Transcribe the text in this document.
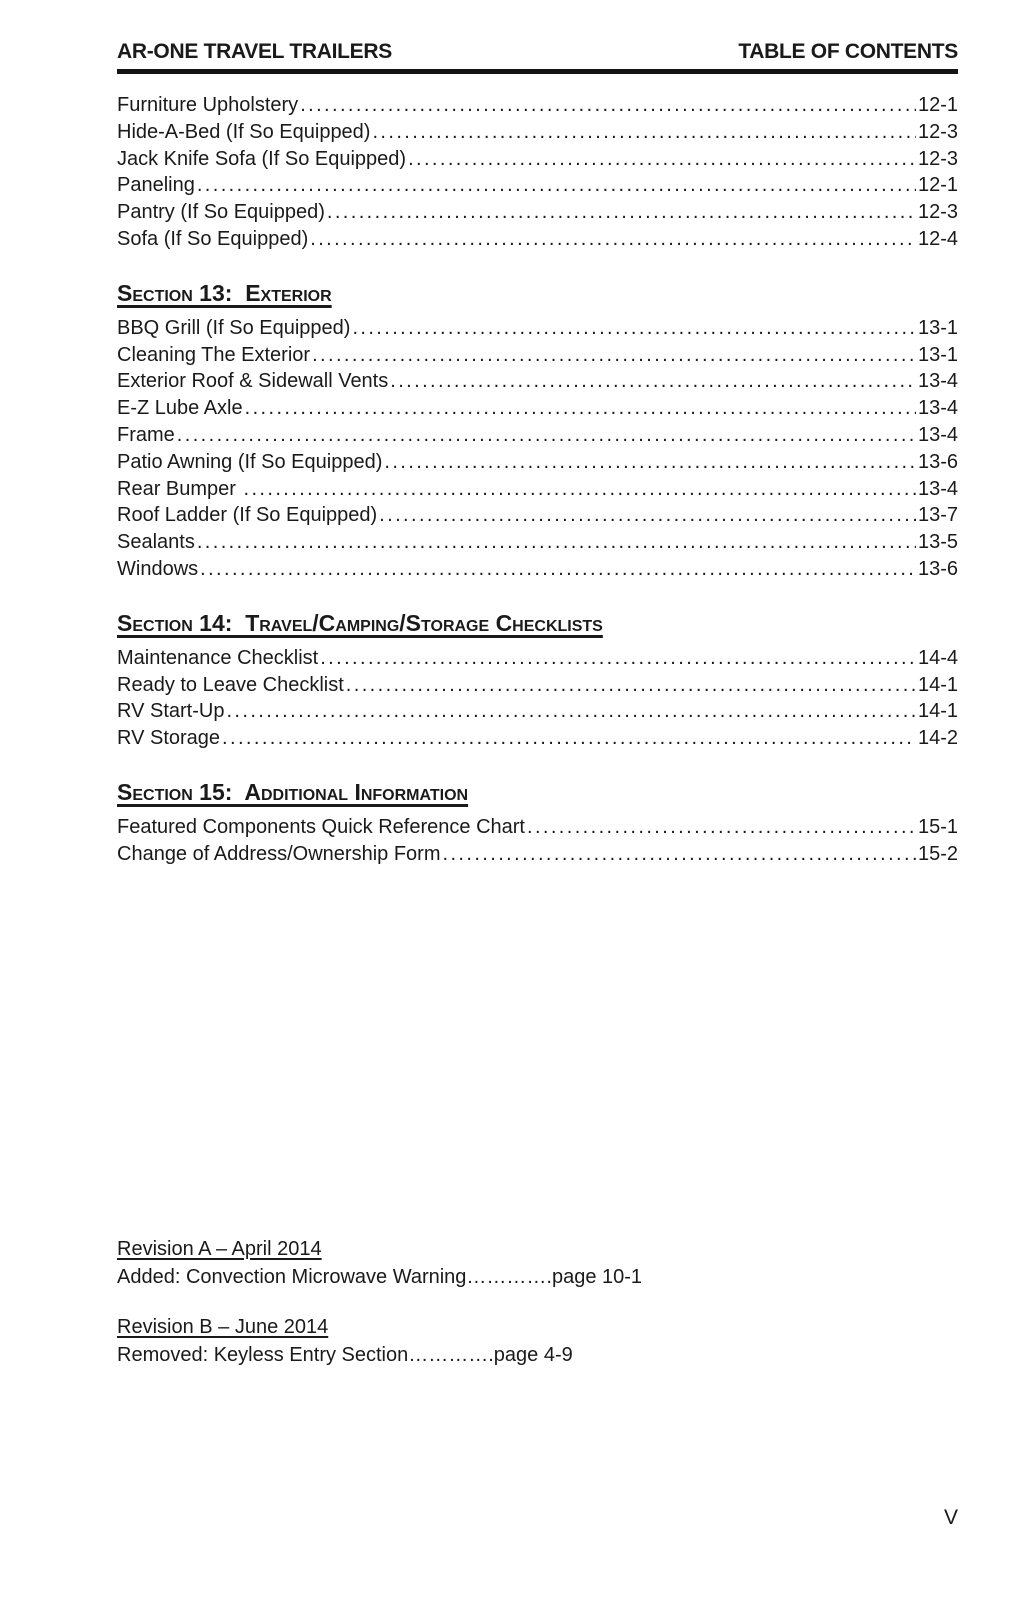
AR-ONE TRAVEL TRAILERS	TABLE OF CONTENTS
Furniture Upholstery .....	12-1
Hide-A-Bed (If So Equipped) .....	12-3
Jack Knife Sofa (If So Equipped) .....	12-3
Paneling .....	12-1
Pantry (If So Equipped) .....	12-3
Sofa (If So Equipped) .....	12-4
Section 13:  Exterior
BBQ Grill (If So Equipped) .....	13-1
Cleaning The Exterior .....	13-1
Exterior Roof & Sidewall Vents .....	13-4
E-Z Lube Axle .....	13-4
Frame .....	13-4
Patio Awning (If So Equipped) .....	13-6
Rear Bumper .....	13-4
Roof Ladder (If So Equipped) .....	13-7
Sealants .....	13-5
Windows .....	13-6
Section 14:  Travel/Camping/Storage Checklists
Maintenance Checklist .....	14-4
Ready to Leave Checklist .....	14-1
RV Start-Up .....	14-1
RV Storage .....	14-2
Section 15:  Additional Information
Featured Components Quick Reference Chart .....	15-1
Change of Address/Ownership Form .....	15-2
Revision A – April 2014
Added: Convection Microwave Warning………….page 10-1
Revision B – June 2014
Removed: Keyless Entry Section………….page 4-9
V
